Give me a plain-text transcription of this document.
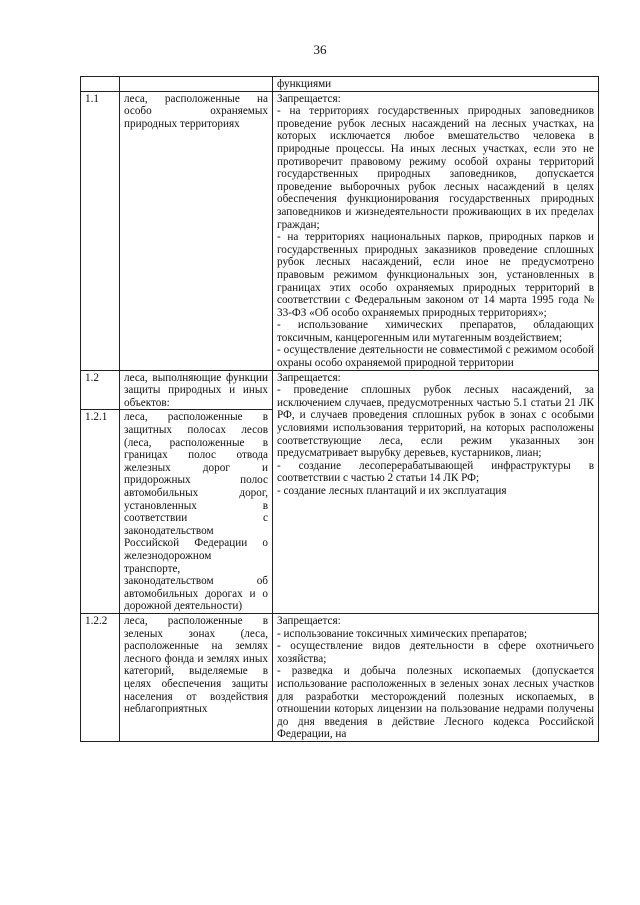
36
		функциями
1.1	леса, расположенные на особо охраняемых природных территориях	Запрещается:
- на территориях государственных природных заповедников проведение рубок лесных насаждений на лесных участках, на которых исключается любое вмешательство человека в природные процессы. На иных лесных участках, если это не противоречит правовому режиму особой охраны территорий государственных природных заповедников, допускается проведение выборочных рубок лесных насаждений в целях обеспечения функционирования государственных природных заповедников и жизнедеятельности проживающих в их пределах граждан;
- на территориях национальных парков, природных парков и государственных природных заказников проведение сплошных рубок лесных насаждений, если иное не предусмотрено правовым режимом функциональных зон, установленных в границах этих особо охраняемых природных территорий в соответствии с Федеральным законом от 14 марта 1995 года № 33-ФЗ «Об особо охраняемых природных территориях»;
- использование химических препаратов, обладающих токсичным, канцерогенным или мутагенным воздействием;
- осуществление деятельности не совместимой с режимом особой охраны особо охраняемой природной территории

1.2	леса, выполняющие функции защиты природных и иных объектов:	Запрещается:
- проведение сплошных рубок лесных насаждений, за исключением случаев, предусмотренных частью 5.1 статьи 21 ЛК РФ, и случаев проведения сплошных рубок в зонах с особыми условиями использования территорий, на которых расположены соответствующие леса, если режим указанных зон предусматривает вырубку деревьев, кустарников, лиан;
- создание лесоперерабатывающей инфраструктуры в соответствии с частью 2 статьи 14 ЛК РФ;
- создание лесных плантаций и их эксплуатация

1.2.1	леса, расположенные в защитных полосах лесов (леса, расположенные в границах полос отвода железных дорог и придорожных полос автомобильных дорог, установленных в соответствии с законодательством Российской Федерации о железнодорожном транспорте, законодательством об автомобильных дорогах и о дорожной деятельности)	

1.2.2	леса, расположенные в зеленых зонах (леса, расположенные на землях лесного фонда и землях иных категорий, выделяемые в целях обеспечения защиты населения от воздействия неблагоприятных	Запрещается:
- использование токсичных химических препаратов;
- осуществление видов деятельности в сфере охотничьего хозяйства;
- разведка и добыча полезных ископаемых (допускается использование расположенных в зеленых зонах лесных участков для разработки месторождений полезных ископаемых, в отношении которых лицензии на пользование недрами получены до дня введения в действие Лесного кодекса Российской Федерации, на
